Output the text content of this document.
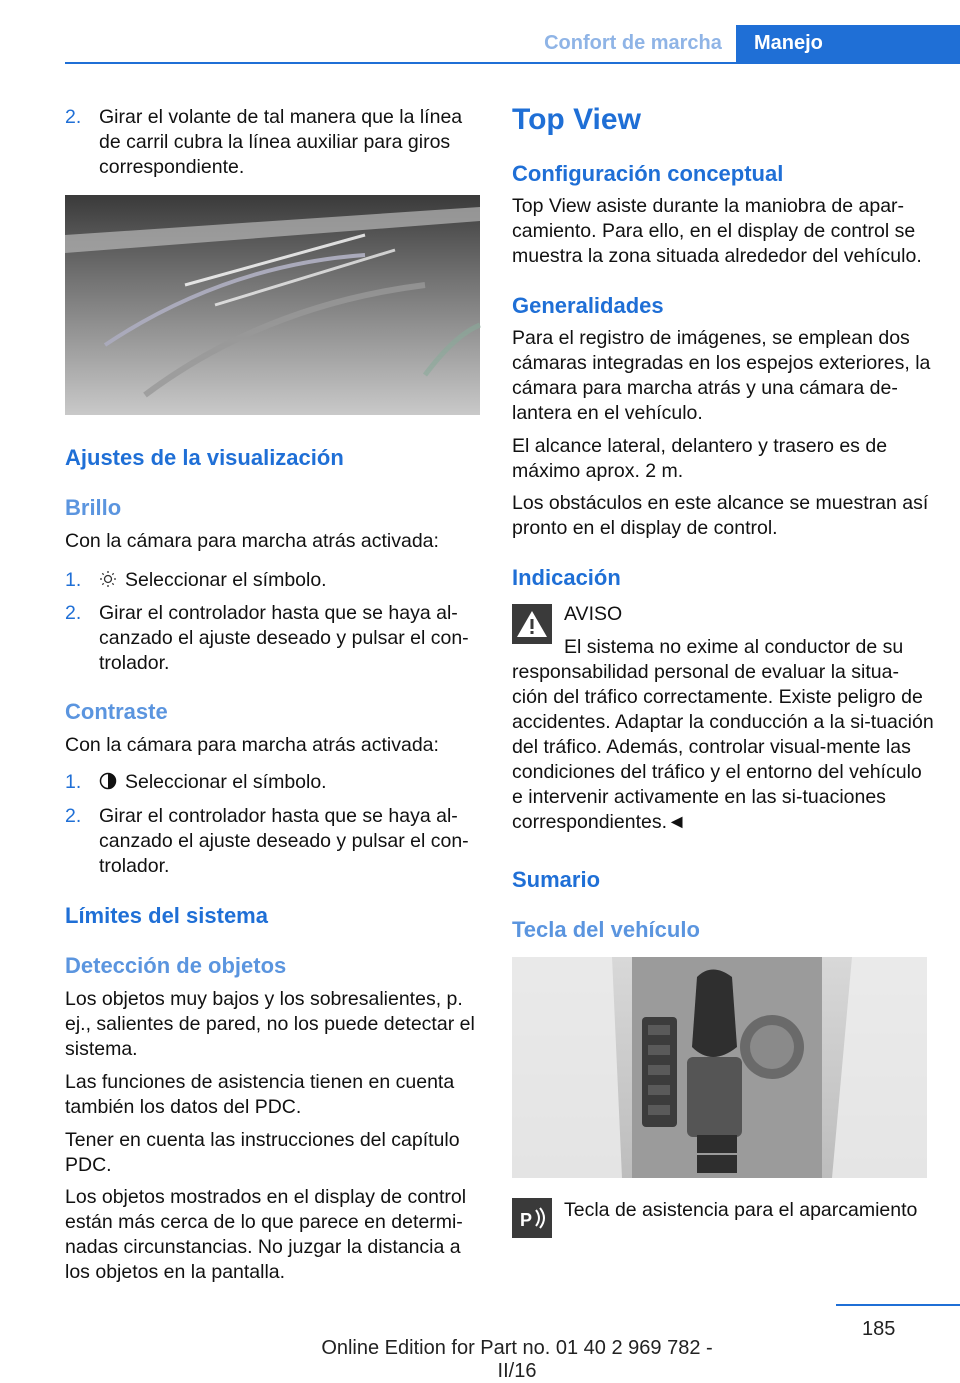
Confort de marcha	Manejo
2. Girar el volante de tal manera que la línea de carril cubra la línea auxiliar para giros correspondiente.
Ajustes de la visualización
Brillo

Con la cámara para marcha atrás activada:

1. Seleccionar el símbolo.
2. Girar el controlador hasta que se haya al-canzado el ajuste deseado y pulsar el con-trolador.
Contraste

Con la cámara para marcha atrás activada:

1. Seleccionar el símbolo.
2. Girar el controlador hasta que se haya al-canzado el ajuste deseado y pulsar el con-trolador.
Límites del sistema
Detección de objetos

Los objetos muy bajos y los sobresalientes, p. ej., salientes de pared, no los puede detectar el sistema.

Las funciones de asistencia tienen en cuenta también los datos del PDC.

Tener en cuenta las instrucciones del capítulo PDC.

Los objetos mostrados en el display de control están más cerca de lo que parece en determi-nadas circunstancias. No juzgar la distancia a los objetos en la pantalla.

Top View
Configuración conceptual

Top View asiste durante la maniobra de apar-camiento. Para ello, en el display de control se muestra la zona situada alrededor del vehículo.

Generalidades

Para el registro de imágenes, se emplean dos cámaras integradas en los espejos exteriores, la cámara para marcha atrás y una cámara de-lantera en el vehículo.

El alcance lateral, delantero y trasero es de máximo aprox. 2 m.

Los obstáculos en este alcance se muestran así pronto en el display de control.

Indicación

AVISO

El sistema no exime al conductor de su

responsabilidad personal de evaluar la situa-ción del tráfico correctamente. Existe peligro de accidentes. Adaptar la conducción a la si-tuación del tráfico. Además, controlar visual-mente las condiciones del tráfico y el entorno del vehículo e intervenir activamente en las si-tuaciones correspondientes.◄

Sumario
Tecla del vehículo
P Tecla de asistencia para el aparcamiento

185
Online Edition for Part no. 01 40 2 969 782 - II/16
